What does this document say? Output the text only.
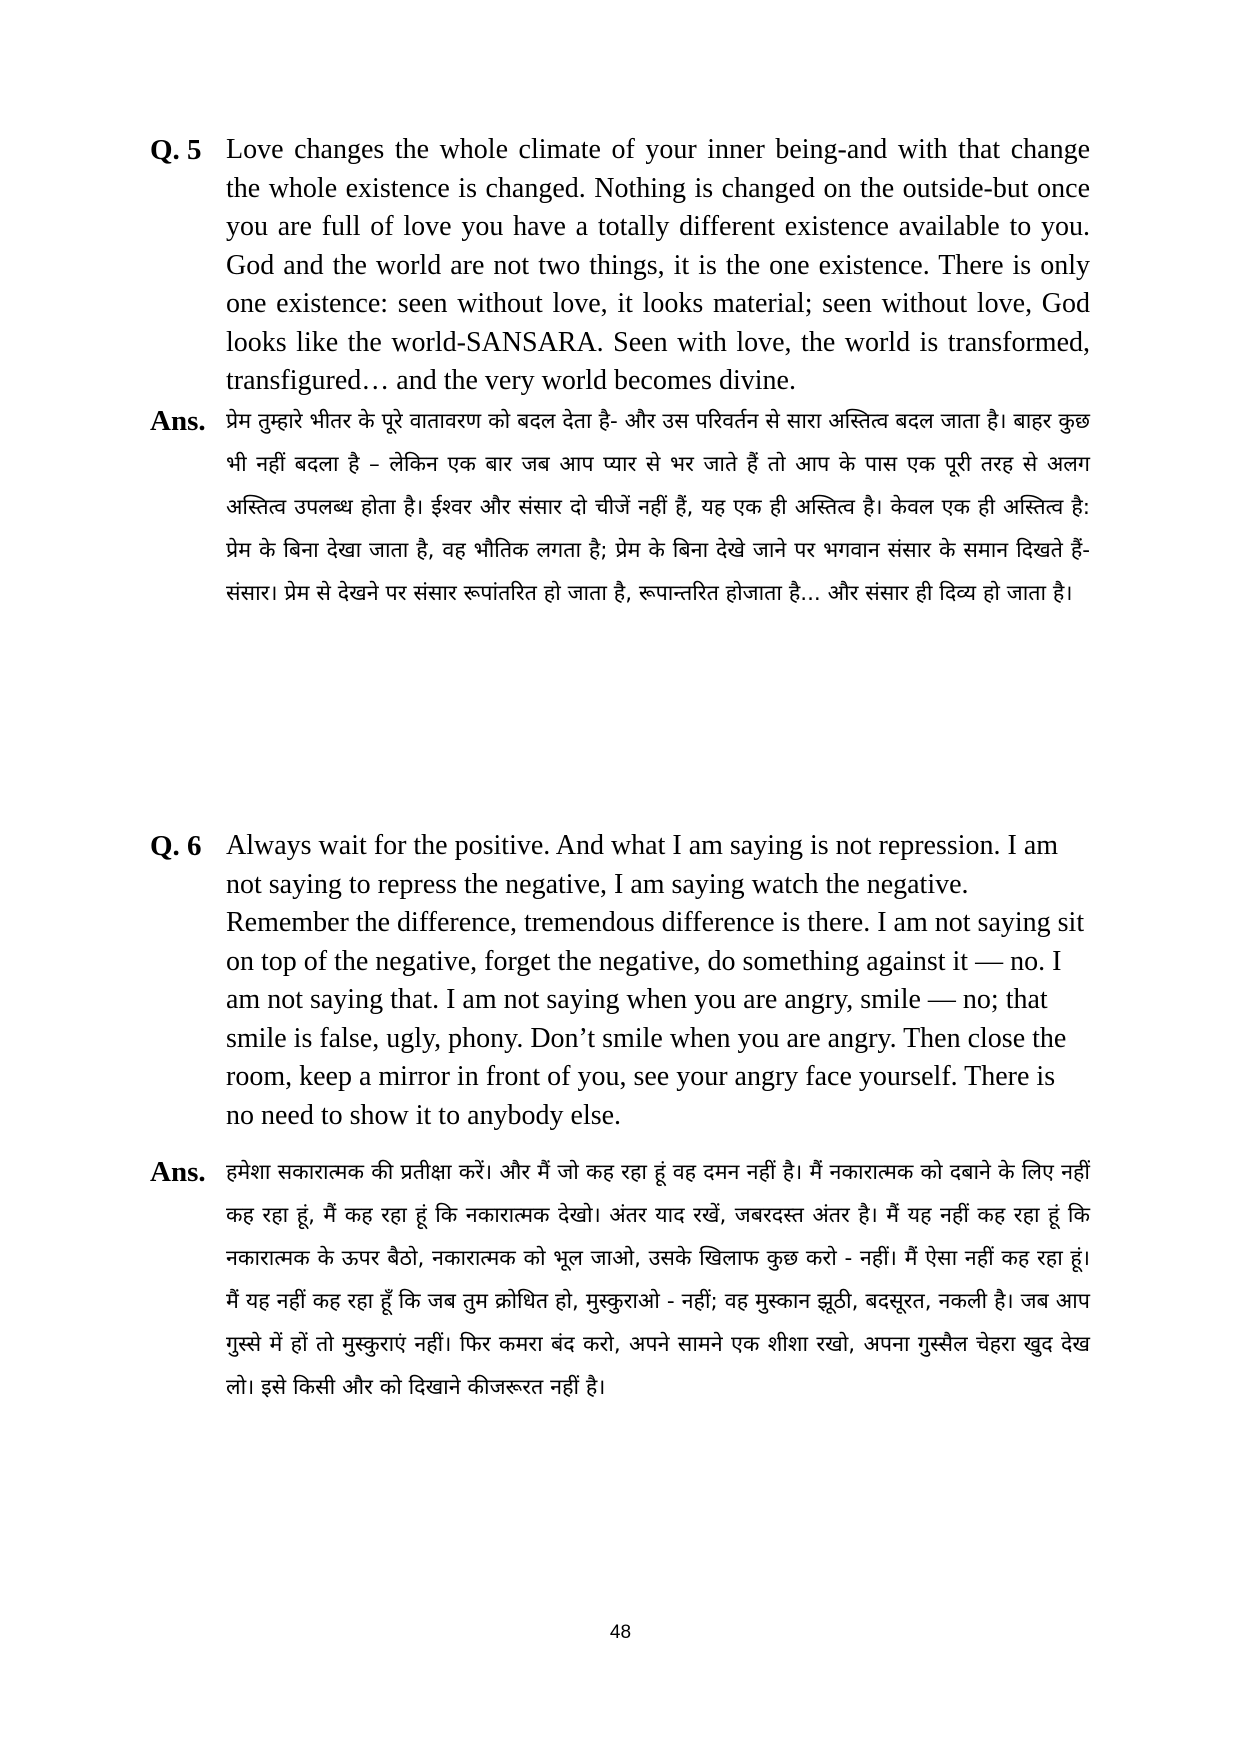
Q. 5 Love changes the whole climate of your inner being-and with that change the whole existence is changed. Nothing is changed on the outside-but once you are full of love you have a totally different existence available to you. God and the world are not two things, it is the one existence. There is only one existence: seen without love, it looks material; seen without love, God looks like the world-SANSARA. Seen with love, the world is transformed, transfigured… and the very world becomes divine.
Ans. प्रेम तुम्हारे भीतर के पूरे वातावरण को बदल देता है- और उस परिवर्तन से सारा अस्तित्व बदल जाता है। बाहर कुछ भी नहीं बदला है – लेकिन एक बार जब आप प्यार से भर जाते हैं तो आप के पास एक पूरी तरह से अलग अस्तित्व उपलब्ध होता है। ईश्वर और संसार दो चीजें नहीं हैं, यह एक ही अस्तित्व है। केवल एक ही अस्तित्व है: प्रेम के बिना देखा जाता है, वह भौतिक लगता है; प्रेम के बिना देखे जाने पर भगवान संसार के समान दिखते हैं- संसार। प्रेम से देखने पर संसार रूपांतरित हो जाता है, रूपान्तरित होजाता है... और संसार ही दिव्य हो जाता है।
Q. 6 Always wait for the positive. And what I am saying is not repression. I am not saying to repress the negative, I am saying watch the negative. Remember the difference, tremendous difference is there. I am not saying sit on top of the negative, forget the negative, do something against it — no. I am not saying that. I am not saying when you are angry, smile — no; that smile is false, ugly, phony. Don’t smile when you are angry. Then close the room, keep a mirror in front of you, see your angry face yourself. There is no need to show it to anybody else.
Ans. हमेशा सकारात्मक की प्रतीक्षा करें। और मैं जो कह रहा हूं वह दमन नहीं है। मैं नकारात्मक को दबाने के लिए नहीं कह रहा हूं, मैं कह रहा हूं कि नकारात्मक देखो। अंतर याद रखें, जबरदस्त अंतर है। मैं यह नहीं कह रहा हूं कि नकारात्मक के ऊपर बैठो, नकारात्मक को भूल जाओ, उसके खिलाफ कुछ करो - नहीं। मैं ऐसा नहीं कह रहा हूं। मैं यह नहीं कह रहा हूँ कि जब तुम क्रोधित हो, मुस्कुराओ - नहीं; वह मुस्कान झूठी, बदसूरत, नकली है। जब आप गुस्से में हों तो मुस्कुराएं नहीं। फिर कमरा बंद करो, अपने सामने एक शीशा रखो, अपना गुस्सैल चेहरा खुद देख लो। इसे किसी और को दिखाने कीजरूरत नहीं है।
48
